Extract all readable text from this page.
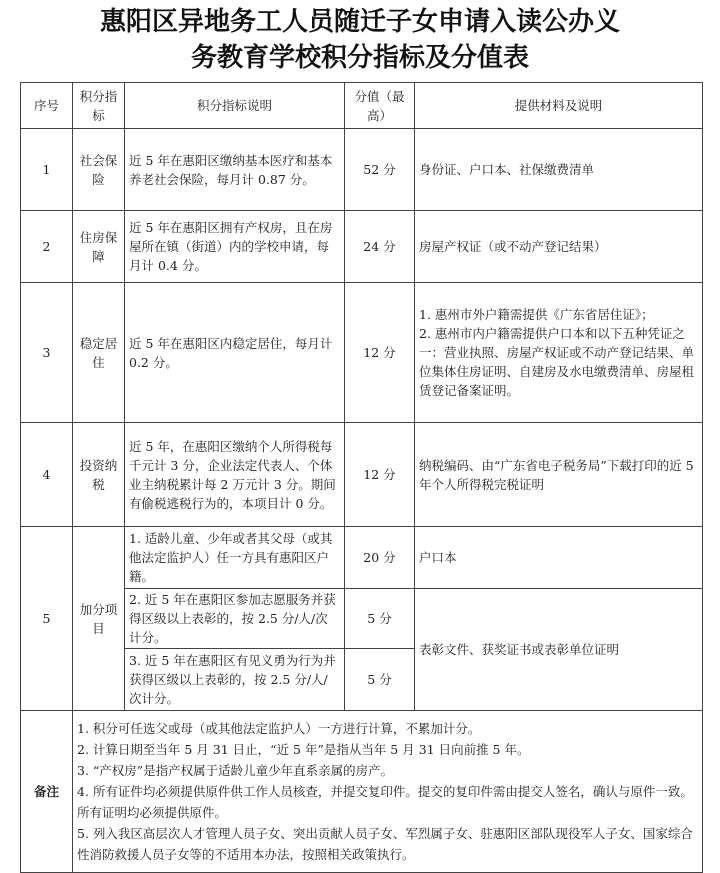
惠阳区异地务工人员随迁子女申请入读公办义
务教育学校积分指标及分值表
序号	积分指标	积分指标说明	分值（最高）	提供材料及说明
1	社会保险	近 5 年在惠阳区缴纳基本医疗和基本养老社会保险，每月计 0.87 分。	52 分	身份证、户口本、社保缴费清单
2	住房保障	近 5 年在惠阳区拥有产权房，且在房屋所在镇（街道）内的学校申请，每月计 0.4 分。	24 分	房屋产权证（或不动产登记结果）
3	稳定居住	近 5 年在惠阳区内稳定居住，每月计 0.2 分。	12 分	1. 惠州市外户籍需提供《广东省居住证》；
2. 惠州市内户籍需提供户口本和以下五种凭证之一：营业执照、房屋产权证或不动产登记结果、单位集体住房证明、自建房及水电缴费清单、房屋租赁登记备案证明。

4	投资纳税	近 5 年，在惠阳区缴纳个人所得税每千元计 3 分，企业法定代表人、个体业主纳税累计每 2 万元计 3 分。期间有偷税逃税行为的，本项目计 0 分。	12 分	纳税编码、由“广东省电子税务局”下载打印的近 5 年个人所得税完税证明
5	加分项目	1. 适龄儿童、少年或者其父母（或其他法定监护人）任一方具有惠阳区户籍。	20 分	户口本
		2. 近 5 年在惠阳区参加志愿服务并获得区级以上表彰的，按 2.5 分/人/次计分。	5 分	表彰文件、获奖证书或表彰单位证明
		3. 近 5 年在惠阳区有见义勇为行为并获得区级以上表彰的，按 2.5 分/人/次计分。	5 分	
备注	1. 积分可任选父或母（或其他法定监护人）一方进行计算，不累加计分。
2. 计算日期至当年 5 月 31 日止，“近 5 年”是指从当年 5 月 31 日向前推 5 年。
3. “产权房”是指产权属于适龄儿童少年直系亲属的房产。
4. 所有证件均必须提供原件供工作人员核查，并提交复印件。提交的复印件需由提交人签名，确认与原件一致。所有证明均必须提供原件。
5. 列入我区高层次人才管理人员子女、突出贡献人员子女、军烈属子女、驻惠阳区部队现役军人子女、国家综合性消防救援人员子女等的不适用本办法，按照相关政策执行。			
